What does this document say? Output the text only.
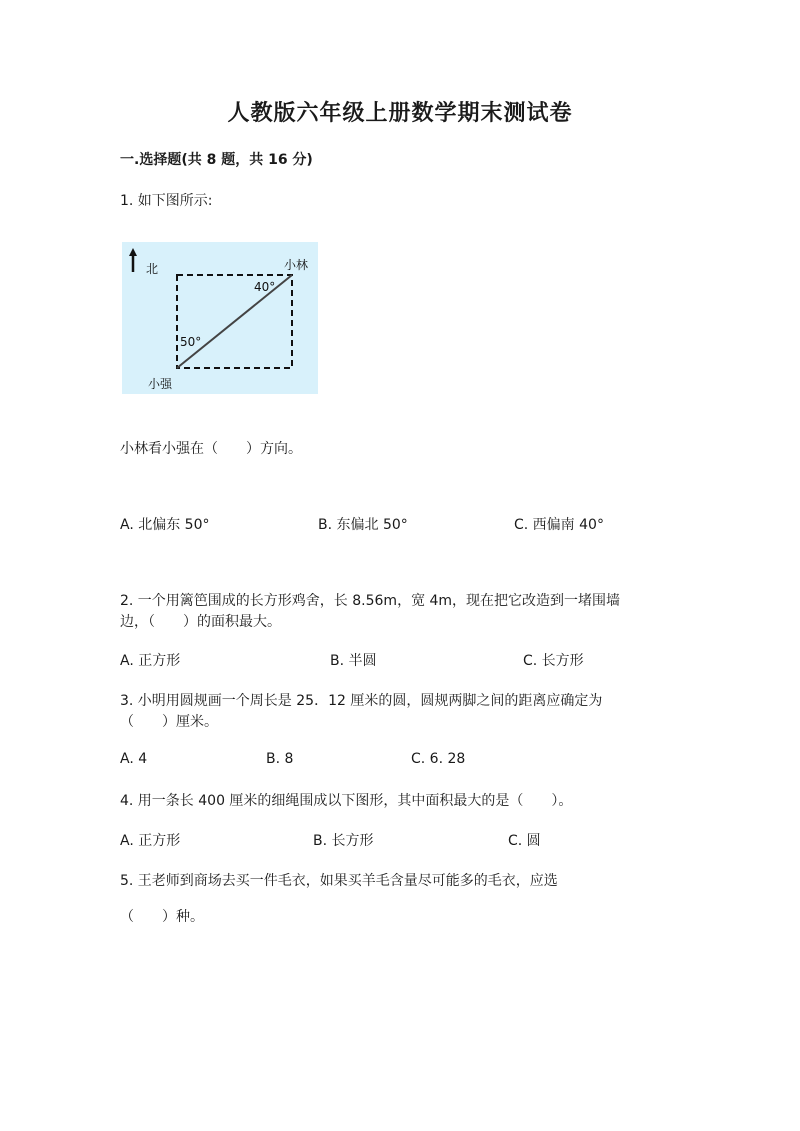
人教版六年级上册数学期末测试卷
一.选择题(共 8 题，共 16 分)
1. 如下图所示:
北	小林
40°
50°
小强
小林看小强在（　　）方向。
A. 北偏东 50°	B. 东偏北 50°	C. 西偏南 40°
2. 一个用篱笆围成的长方形鸡舍，长 8.56m，宽 4m，现在把它改造到一堵围墙
边，（　　）的面积最大。
A. 正方形	B. 半圆	C. 长方形
3. 小明用圆规画一个周长是 25．12 厘米的圆，圆规两脚之间的距离应确定为
（　　）厘米。
A. 4	B. 8	C. 6. 28
4. 用一条长 400 厘米的细绳围成以下图形，其中面积最大的是（　　）。
A. 正方形	B. 长方形	C. 圆
5. 王老师到商场去买一件毛衣，如果买羊毛含量尽可能多的毛衣，应选
（　　）种。
